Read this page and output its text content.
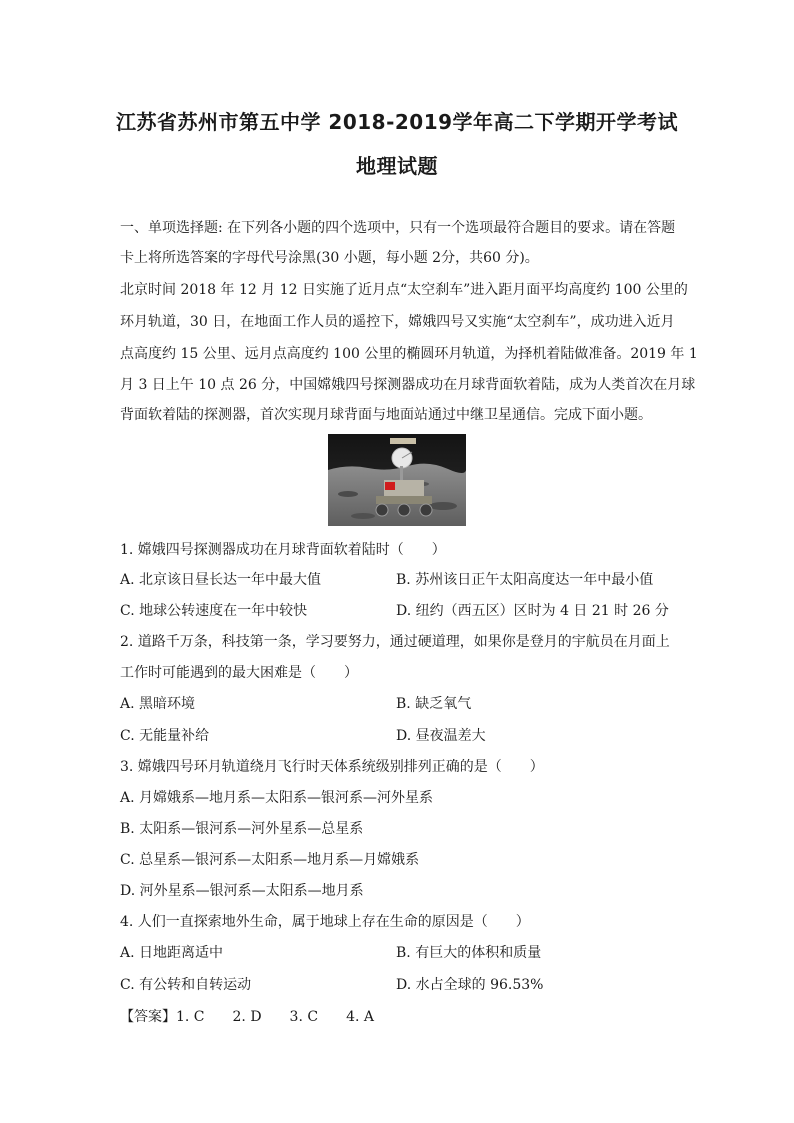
江苏省苏州市第五中学 2018-2019学年高二下学期开学考试
地理试题
一、单项选择题: 在下列各小题的四个选项中，只有一个选项最符合题目的要求。请在答题
卡上将所选答案的字母代号涂黑(30 小题，每小题 2分，共60 分)。
北京时间 2018 年 12 月 12 日实施了近月点“太空刹车”进入距月面平均高度约 100 公里的
环月轨道，30 日，在地面工作人员的遥控下，嫦娥四号又实施“太空刹车”，成功进入近月
点高度约 15 公里、远月点高度约 100 公里的椭圆环月轨道，为择机着陆做准备。2019 年 1
月 3 日上午 10 点 26 分，中国嫦娥四号探测器成功在月球背面软着陆，成为人类首次在月球
背面软着陆的探测器，首次实现月球背面与地面站通过中继卫星通信。完成下面小题。
1. 嫦娥四号探测器成功在月球背面软着陆时（　　）
A. 北京该日昼长达一年中最大值	B. 苏州该日正午太阳高度达一年中最小值
C. 地球公转速度在一年中较快	D. 纽约（西五区）区时为 4 日 21 时 26 分
2. 道路千万条，科技第一条，学习要努力，通过硬道理，如果你是登月的宇航员在月面上
工作时可能遇到的最大困难是（　　）
A. 黑暗环境	B. 缺乏氧气
C. 无能量补给	D. 昼夜温差大
3. 嫦娥四号环月轨道绕月飞行时天体系统级别排列正确的是（　　）
A. 月嫦娥系—地月系—太阳系—银河系—河外星系
B. 太阳系—银河系—河外星系—总星系
C. 总星系—银河系—太阳系—地月系—月嫦娥系
D. 河外星系—银河系—太阳系—地月系
4. 人们一直探索地外生命，属于地球上存在生命的原因是（　　）
A. 日地距离适中	B. 有巨大的体积和质量
C. 有公转和自转运动	D. 水占全球的 96.53%
【答案】1. C　　2. D　　3. C　　4. A
